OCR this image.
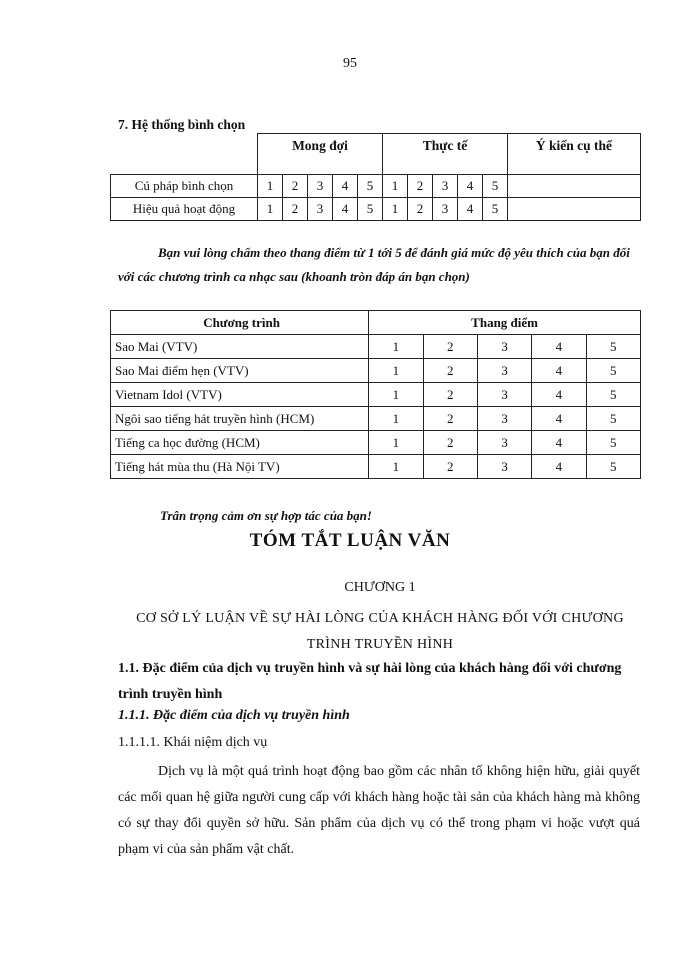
95
7. Hệ thống bình chọn
	Mong đợi					Thực tế					Ý kiến cụ thể
Cú pháp bình chọn	1	2	3	4	5	1	2	3	4	5	
Hiệu quả hoạt động	1	2	3	4	5	1	2	3	4	5	
Bạn vui lòng chấm theo thang điểm từ 1 tới 5 để đánh giá mức độ yêu thích của bạn đối với các chương trình ca nhạc sau (khoanh tròn đáp án bạn chọn)
Chương trình	Thang điểm				
Sao Mai (VTV)	1	2	3	4	5
Sao Mai điểm hẹn (VTV)	1	2	3	4	5
Vietnam Idol (VTV)	1	2	3	4	5
Ngôi sao tiếng hát truyền hình (HCM)	1	2	3	4	5
Tiếng ca học đường (HCM)	1	2	3	4	5
Tiếng hát mùa thu (Hà Nội TV)	1	2	3	4	5
Trân trọng cảm ơn sự hợp tác của bạn!
TÓM TẮT LUẬN VĂN
CHƯƠNG 1
CƠ SỞ LÝ LUẬN VỀ SỰ HÀI LÒNG CỦA KHÁCH HÀNG ĐỐI VỚI CHƯƠNG TRÌNH TRUYỀN HÌNH
1.1. Đặc điểm của dịch vụ truyền hình và sự hài lòng của khách hàng đối với chương trình truyền hình
1.1.1. Đặc điểm của dịch vụ truyền hình
1.1.1.1. Khái niệm dịch vụ
Dịch vụ là một quá trình hoạt động bao gồm các nhân tố không hiện hữu, giải quyết các mối quan hệ giữa người cung cấp với khách hàng hoặc tài sản của khách hàng mà không có sự thay đổi quyền sở hữu. Sản phẩm của dịch vụ có thể trong phạm vi hoặc vượt quá phạm vi của sản phẩm vật chất.
